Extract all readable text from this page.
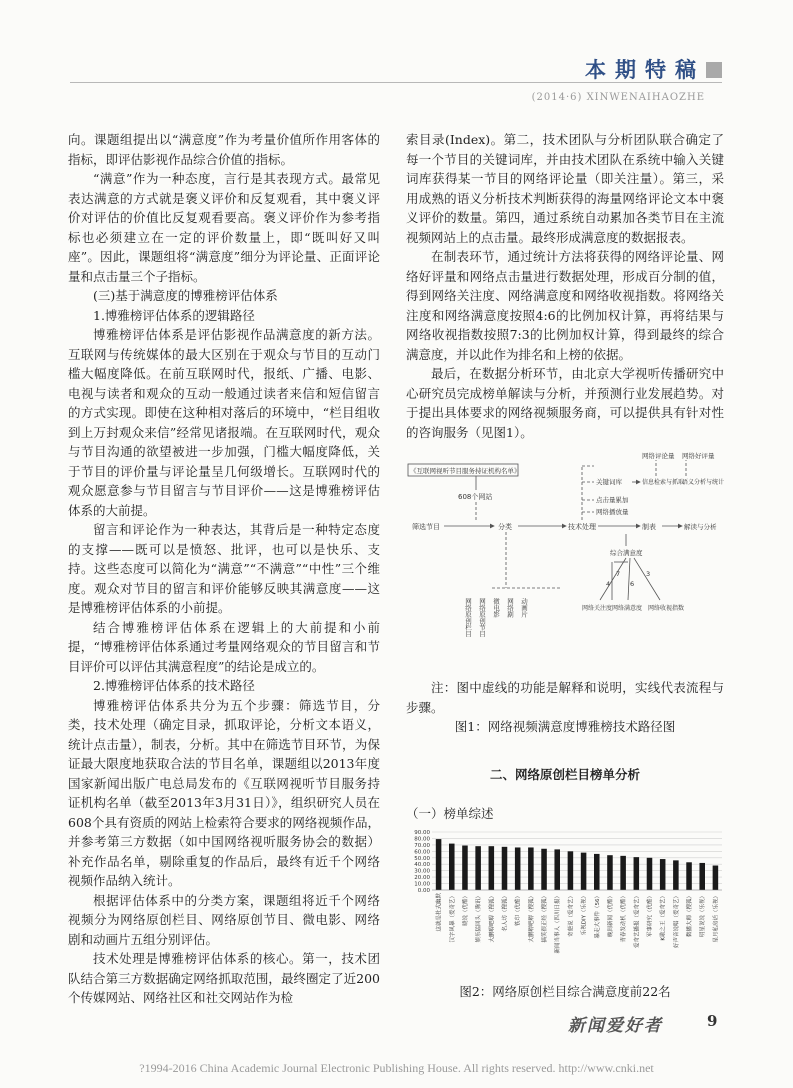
本期特稿
(2014·6) XINWENAIHAOZHE

向。课题组提出以“满意度”作为考量价值所作用客体的指标，即评估影视作品综合价值的指标。

“满意”作为一种态度，言行是其表现方式。最常见表达满意的方式就是褒义评价和反复观看，其中褒义评价对评估的价值比反复观看要高。褒义评价作为参考指标也必须建立在一定的评价数量上，即“既叫好又叫座”。因此，课题组将“满意度”细分为评论量、正面评论量和点击量三个子指标。

(三)基于满意度的博雅榜评估体系

1.博雅榜评估体系的逻辑路径

博雅榜评估体系是评估影视作品满意度的新方法。互联网与传统媒体的最大区别在于观众与节目的互动门槛大幅度降低。在前互联网时代，报纸、广播、电影、电视与读者和观众的互动一般通过读者来信和短信留言的方式实现。即使在这种相对落后的环境中，“栏目组收到上万封观众来信”经常见诸报端。在互联网时代，观众与节目沟通的欲望被进一步加强，门槛大幅度降低，关于节目的评价量与评论量呈几何级增长。互联网时代的观众愿意参与节目留言与节目评价——这是博雅榜评估体系的大前提。

留言和评论作为一种表达，其背后是一种特定态度的支撑——既可以是愤怒、批评，也可以是快乐、支持。这些态度可以简化为“满意”“不满意”“中性”三个维度。观众对节目的留言和评价能够反映其满意度——这是博雅榜评估体系的小前提。

结合博雅榜评估体系在逻辑上的大前提和小前提，“博雅榜评估体系通过考量网络观众的节目留言和节目评价可以评估其满意程度”的结论是成立的。

2.博雅榜评估体系的技术路径

博雅榜评估体系共分为五个步骤：筛选节目，分类，技术处理（确定目录，抓取评论，分析文本语义，统计点击量），制表，分析。其中在筛选节目环节，为保证最大限度地获取合法的节目名单，课题组以2013年度国家新闻出版广电总局发布的《互联网视听节目服务持证机构名单（截至2013年3月31日）》，组织研究人员在608个具有资质的网站上检索符合要求的网络视频作品，并参考第三方数据（如中国网络视听服务协会的数据）补充作品名单，剔除重复的作品后，最终有近千个网络视频作品纳入统计。

根据评估体系中的分类方案，课题组将近千个网络视频分为网络原创栏目、网络原创节目、微电影、网络剧和动画片五组分别评估。

技术处理是博雅榜评估体系的核心。第一，技术团队结合第三方数据确定网络抓取范围，最终圈定了近200个传媒网站、网络社区和社交网站作为检

索目录(Index)。第二，技术团队与分析团队联合确定了每一个节目的关键词库，并由技术团队在系统中输入关键词库获得某一节目的网络评论量（即关注量）。第三，采用成熟的语义分析技术判断获得的海量网络评论文本中褒义评价的数量。第四，通过系统自动累加各类节目在主流视频网站上的点击量。最终形成满意度的数据报表。

在制表环节，通过统计方法将获得的网络评论量、网络好评量和网络点击量进行数据处理，形成百分制的值，得到网络关注度、网络满意度和网络收视指数。将网络关注度和网络满意度按照4:6的比例加权计算，再将结果与网络收视指数按照7:3的比例加权计算，得到最终的综合满意度，并以此作为排名和上榜的依据。

最后，在数据分析环节，由北京大学视听传播研究中心研究员完成榜单解读与分析，并预测行业发展趋势。对于提出具体要求的网络视频服务商，可以提供具有针对性的咨询服务（见图1）。

《互联网视听节目服务持证机构名单》
608个网站
筛选节目	分类	技术处理	制表	解读与分析
关键词库	信息检索与抓取
语义分析与统计
网络评论量 网络好评量
点击量累加
网络播放量
综合满意度
网络关注度 网络满意度 网络收视指数
7	3
4	6
网络原创栏目 网络原创节目 微电影 网络剧 动画片

注：图中虚线的功能是解释和说明，实线代表流程与步骤。

图1：网络视频满意度博雅榜技术路径图

二、网络原创栏目榜单分析
（一）榜单综述
0.00
10.00
20.00
30.00
40.00
50.00
60.00
70.00
80.00
90.00
这就是杜式幽默	汉字风暴（爱奇艺）	晓说（优酷）	娱乐猛回头（腾讯）	大鹏嘚吧嘚（搜狐）	名人坊（搜狐）	铁印（优酷）	大鹏嘚吧嘚（搜狐）	搞笑很正经（搜狐）	新闻当事人（四川日报）	奇葩说（爱奇艺）	乐视DIY（乐视）	暴走大事件（56）	晚间新闻（优酷）	青春发动机（优酷）	爱奇艺播报（爱奇艺）	军事研究（优酷）	K歌之王（爱奇艺）	好声音说唱（爱奇艺）	微播大师（搜狐）	明星说说（乐视）	星月私房话（乐视）

图2：网络原创栏目综合满意度前22名

新闻爱好者	9
?1994-2016 China Academic Journal Electronic Publishing House. All rights reserved. http://www.cnki.net
